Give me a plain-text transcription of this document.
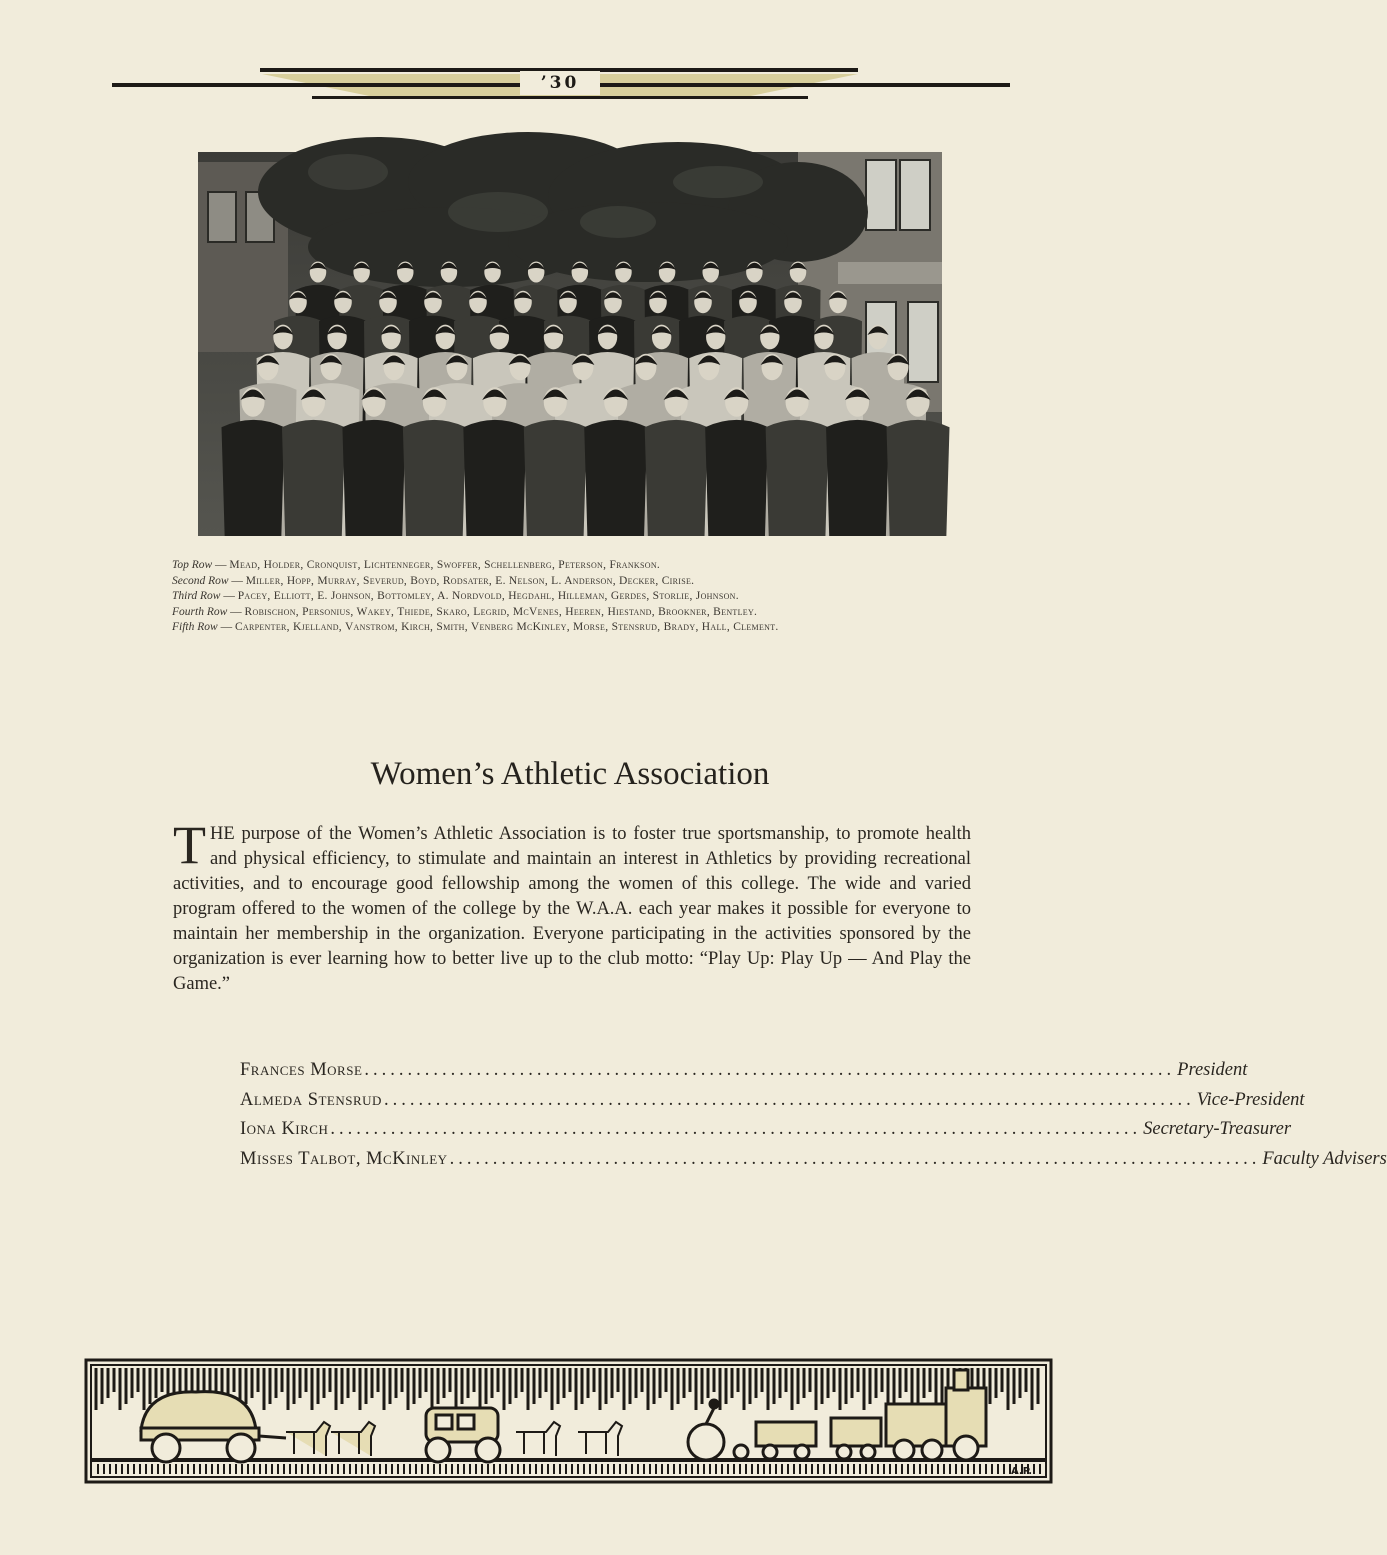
’30
Top Row — Mead, Holder, Cronquist, Lichtenneger, Swoffer, Schellenberg, Peterson, Frankson.
Second Row — Miller, Hopp, Murray, Severud, Boyd, Rodsater, E. Nelson, L. Anderson, Decker, Cirise.
Third Row — Pacey, Elliott, E. Johnson, Bottomley, A. Nordvold, Hegdahl, Hilleman, Gerdes, Storlie, Johnson.
Fourth Row — Robischon, Personius, Wakey, Thiede, Skaro, Legrid, McVenes, Heeren, Hiestand, Brookner, Bentley.
Fifth Row — Carpenter, Kjelland, Vanstrom, Kirch, Smith, Venberg McKinley, Morse, Stensrud, Brady, Hall, Clement.
Women’s Athletic Association
THE purpose of the Women’s Athletic Association is to foster true sportsmanship, to promote health and physical efficiency, to stimulate and maintain an interest in Athletics by providing recreational activities, and to encourage good fellowship among the women of this college. The wide and varied program offered to the women of the college by the W.A.A. each year makes it possible for everyone to maintain her membership in the organization. Everyone participating in the activities sponsored by the organization is ever learning how to better live up to the club motto: “Play Up: Play Up — And Play the Game.”
Frances Morse .............................................................................................. President
Almeda Stensrud .............................................................................................. Vice-President
Iona Kirch .............................................................................................. Secretary-Treasurer
Misses Talbot, McKinley .............................................................................................. Faculty Advisers
A.P.
